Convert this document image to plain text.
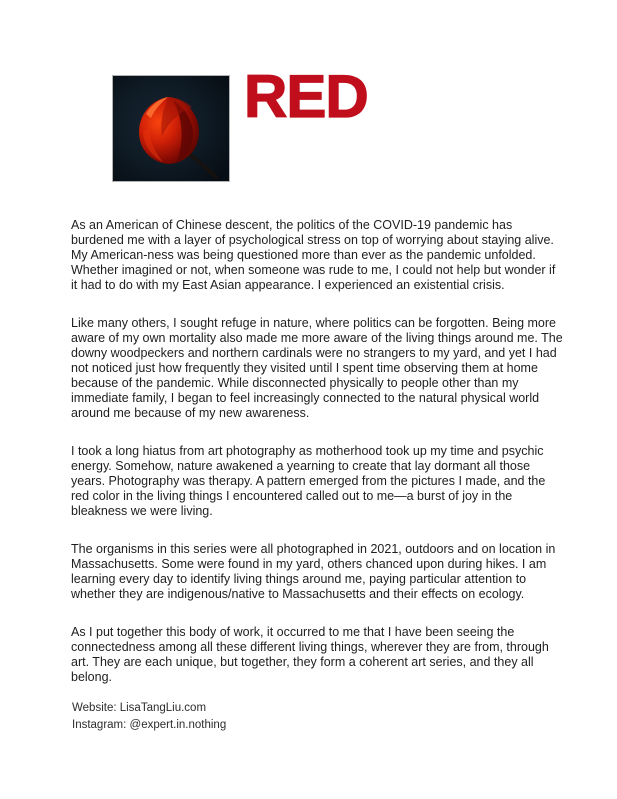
RED

As an American of Chinese descent, the politics of the COVID-19 pandemic has burdened me with a layer of psychological stress on top of worrying about staying alive. My American-ness was being questioned more than ever as the pandemic unfolded. Whether imagined or not, when someone was rude to me, I could not help but wonder if it had to do with my East Asian appearance. I experienced an existential crisis.

Like many others, I sought refuge in nature, where politics can be forgotten. Being more aware of my own mortality also made me more aware of the living things around me. The downy woodpeckers and northern cardinals were no strangers to my yard, and yet I had not noticed just how frequently they visited until I spent time observing them at home because of the pandemic. While disconnected physically to people other than my immediate family, I began to feel increasingly connected to the natural physical world around me because of my new awareness.

I took a long hiatus from art photography as motherhood took up my time and psychic energy. Somehow, nature awakened a yearning to create that lay dormant all those years. Photography was therapy. A pattern emerged from the pictures I made, and the red color in the living things I encountered called out to me—a burst of joy in the bleakness we were living.

The organisms in this series were all photographed in 2021, outdoors and on location in Massachusetts. Some were found in my yard, others chanced upon during hikes. I am learning every day to identify living things around me, paying particular attention to whether they are indigenous/native to Massachusetts and their effects on ecology.

As I put together this body of work, it occurred to me that I have been seeing the connectedness among all these different living things, wherever they are from, through art. They are each unique, but together, they form a coherent art series, and they all belong.

Website: LisaTangLiu.com
Instagram: @expert.in.nothing
